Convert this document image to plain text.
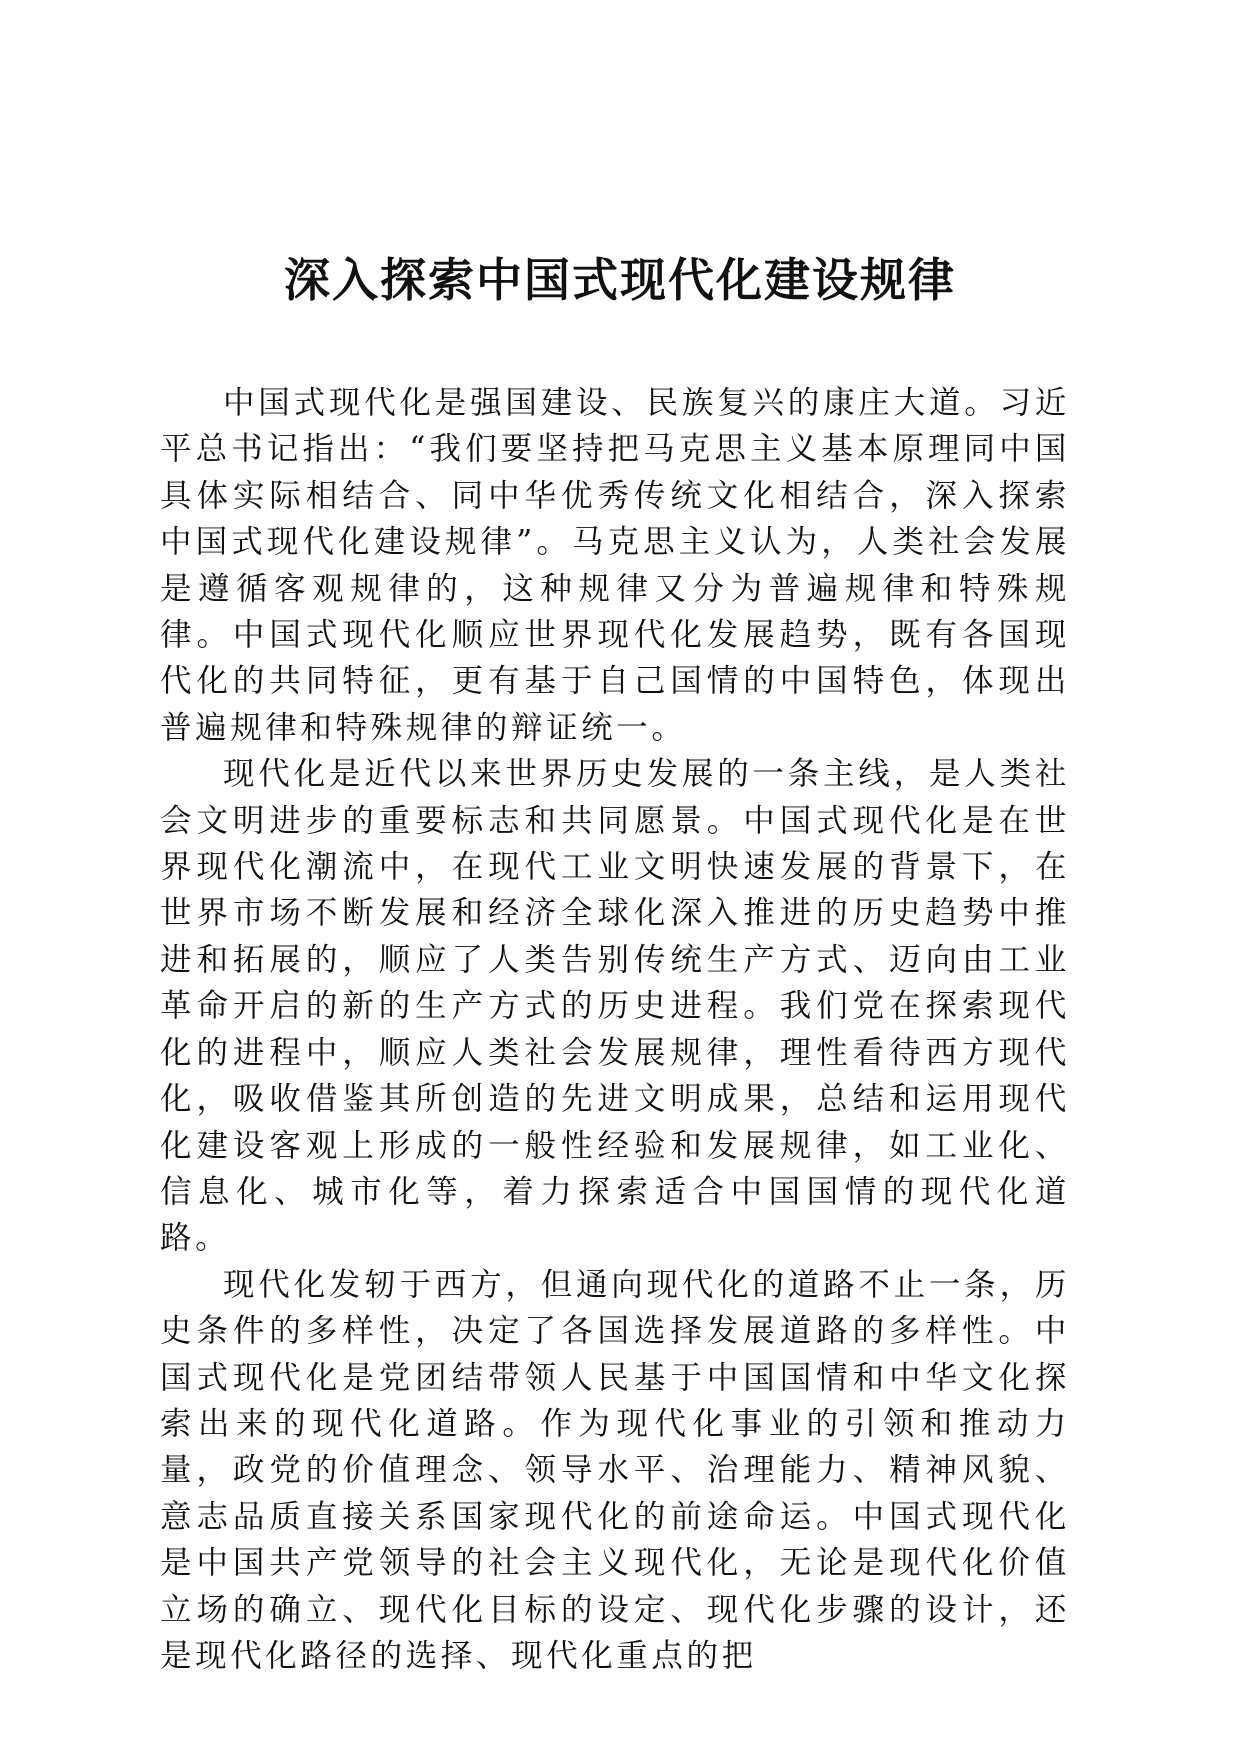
深入探索中国式现代化建设规律

中国式现代化是强国建设、民族复兴的康庄大道。习近平总书记指出：“我们要坚持把马克思主义基本原理同中国具体实际相结合、同中华优秀传统文化相结合，深入探索中国式现代化建设规律”。马克思主义认为，人类社会发展是遵循客观规律的，这种规律又分为普遍规律和特殊规律。中国式现代化顺应世界现代化发展趋势，既有各国现代化的共同特征，更有基于自己国情的中国特色，体现出普遍规律和特殊规律的辩证统一。

现代化是近代以来世界历史发展的一条主线，是人类社会文明进步的重要标志和共同愿景。中国式现代化是在世界现代化潮流中，在现代工业文明快速发展的背景下，在世界市场不断发展和经济全球化深入推进的历史趋势中推进和拓展的，顺应了人类告别传统生产方式、迈向由工业革命开启的新的生产方式的历史进程。我们党在探索现代化的进程中，顺应人类社会发展规律，理性看待西方现代化，吸收借鉴其所创造的先进文明成果，总结和运用现代化建设客观上形成的一般性经验和发展规律，如工业化、信息化、城市化等，着力探索适合中国国情的现代化道路。

现代化发轫于西方，但通向现代化的道路不止一条，历史条件的多样性，决定了各国选择发展道路的多样性。中国式现代化是党团结带领人民基于中国国情和中华文化探索出来的现代化道路。作为现代化事业的引领和推动力量，政党的价值理念、领导水平、治理能力、精神风貌、意志品质直接关系国家现代化的前途命运。中国式现代化是中国共产党领导的社会主义现代化，无论是现代化价值立场的确立、现代化目标的设定、现代化步骤的设计，还是现代化路径的选择、现代化重点的把
